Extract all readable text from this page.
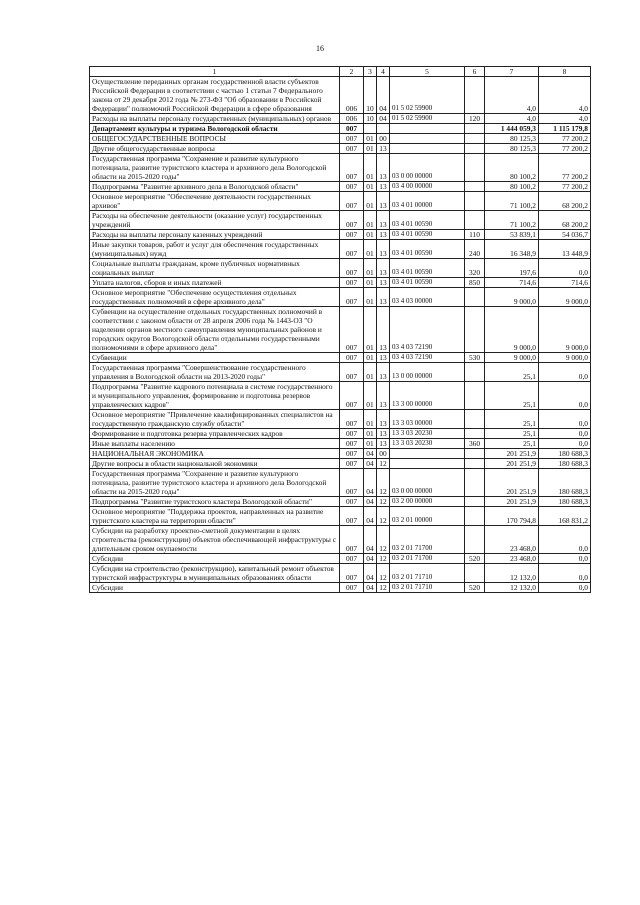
16
1	2	3	4	5	6	7	8
Осуществление переданных органам государственной власти субъектов Российской Федерации в соответствии с частью 1 статьи 7 Федерального закона от 29 декабря 2012 года № 273-ФЗ "Об образовании в Российской Федерации" полномочий Российской Федерации в сфере образования	006	10	04	01 5 02 59900		4,0	4,0
Расходы на выплаты персоналу государственных (муниципальных) органов	006	10	04	01 5 02 59900	120	4,0	4,0
Департамент культуры и туризма Вологодской области	007					1 444 059,3	1 115 179,8
ОБЩЕГОСУДАРСТВЕННЫЕ ВОПРОСЫ	007	01	00			80 125,3	77 200,2
Другие общегосударственные вопросы	007	01	13			80 125,3	77 200,2
Государственная программа "Сохранение и развитие культурного потенциала, развитие туристского кластера и архивного дела Вологодской области на 2015-2020 годы"	007	01	13	03 0 00 00000		80 100,2	77 200,2
Подпрограмма "Развитие архивного дела в Вологодской области"	007	01	13	03 4 00 00000		80 100,2	77 200,2
Основное мероприятие "Обеспечение деятельности государственных архивов"	007	01	13	03 4 01 00000		71 100,2	68 200,2
Расходы на обеспечение деятельности (оказание услуг) государственных учреждений	007	01	13	03 4 01 00590		71 100,2	68 200,2
Расходы на выплаты персоналу казенных учреждений	007	01	13	03 4 01 00590	110	53 839,1	54 036,7
Иные закупки товаров, работ и услуг для обеспечения государственных (муниципальных) нужд	007	01	13	03 4 01 00590	240	16 348,9	13 448,9
Социальные выплаты гражданам, кроме публичных нормативных социальных выплат	007	01	13	03 4 01 00590	320	197,6	0,0
Уплата налогов, сборов и иных платежей	007	01	13	03 4 01 00590	850	714,6	714,6
Основное мероприятие "Обеспечение осуществления отдельных государственных полномочий в сфере архивного дела"	007	01	13	03 4 03 00000		9 000,0	9 000,0
Субвенции на осуществление отдельных государственных полномочий в соответствии с законом области от 28 апреля 2006 года № 1443-ОЗ "О наделении органов местного самоуправления муниципальных районов и городских округов Вологодской области отдельными государственными полномочиями в сфере архивного дела"	007	01	13	03 4 03 72190		9 000,0	9 000,0
Субвенции	007	01	13	03 4 03 72190	530	9 000,0	9 000,0
Государственная программа "Совершенствование государственного управления в Вологодской области на 2013-2020 годы"	007	01	13	13 0 00 00000		25,1	0,0
Подпрограмма "Развитие кадрового потенциала в системе государственного и муниципального управления, формирование и подготовка резервов управленческих кадров"	007	01	13	13 3 00 00000		25,1	0,0
Основное мероприятие "Привлечение квалифицированных специалистов на государственную гражданскую службу области"	007	01	13	13 3 03 00000		25,1	0,0
Формирование и подготовка резерва управленческих кадров	007	01	13	13 3 03 20230		25,1	0,0
Иные выплаты населению	007	01	13	13 3 03 20230	360	25,1	0,0
НАЦИОНАЛЬНАЯ ЭКОНОМИКА	007	04	00			201 251,9	180 688,3
Другие вопросы в области национальной экономики	007	04	12			201 251,9	180 688,3
Государственная программа "Сохранение и развитие культурного потенциала, развитие туристского кластера и архивного дела Вологодской области на 2015-2020 годы"	007	04	12	03 0 00 00000		201 251,9	180 688,3
Подпрограмма "Развитие туристского кластера Вологодской области"	007	04	12	03 2 00 00000		201 251,9	180 688,3
Основное мероприятие "Поддержка проектов, направленных на развитие туристского кластера на территории области"	007	04	12	03 2 01 00000		170 794,8	168 831,2
Субсидии на разработку проектно-сметной документации в целях строительства (реконструкции) объектов обеспечивающей инфраструктуры с длительным сроком окупаемости	007	04	12	03 2 01 71700		23 468,0	0,0
Субсидии	007	04	12	03 2 01 71700	520	23 468,0	0,0
Субсидии на строительство (реконструкцию), капитальный ремонт объектов туристской инфраструктуры в муниципальных образованиях области	007	04	12	03 2 01 71710		12 132,0	0,0
Субсидии	007	04	12	03 2 01 71710	520	12 132,0	0,0
